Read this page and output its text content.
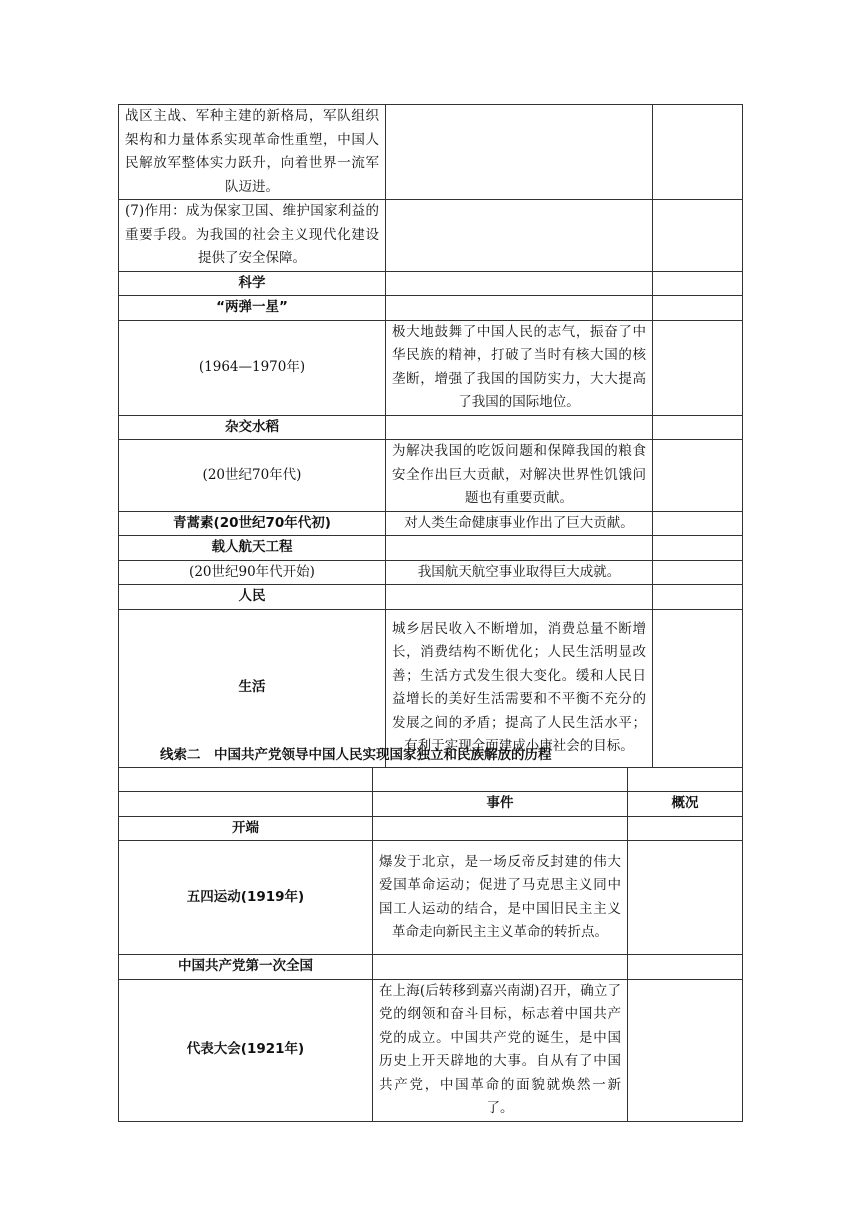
战区主战、军种主建的新格局，军队组织架构和力量体系实现革命性重塑，中国人民解放军整体实力跃升，向着世界一流军队迈进。		
(7)作用：成为保家卫国、维护国家利益的重要手段。为我国的社会主义现代化建设提供了安全保障。		
科学		
“两弹一星”		
(1964—1970年)	极大地鼓舞了中国人民的志气，振奋了中华民族的精神，打破了当时有核大国的核垄断，增强了我国的国防实力，大大提高了我国的国际地位。	
杂交水稻		
(20世纪70年代)	为解决我国的吃饭问题和保障我国的粮食安全作出巨大贡献，对解决世界性饥饿问题也有重要贡献。	
青蒿素(20世纪70年代初)	对人类生命健康事业作出了巨大贡献。	
载人航天工程		
(20世纪90年代开始)	我国航天航空事业取得巨大成就。	
人民		
生活	城乡居民收入不断增加，消费总量不断增长，消费结构不断优化；人民生活明显改善；生活方式发生很大变化。缓和人民日益增长的美好生活需要和不平衡不充分的发展之间的矛盾；提高了人民生活水平；有利于实现全面建成小康社会的目标。	
线索二　中国共产党领导中国人民实现国家独立和民族解放的历程

	事件	概况
开端		
五四运动(1919年)	爆发于北京，是一场反帝反封建的伟大爱国革命运动；促进了马克思主义同中国工人运动的结合，是中国旧民主主义革命走向新民主主义革命的转折点。	
中国共产党第一次全国		
代表大会(1921年)	在上海(后转移到嘉兴南湖)召开，确立了党的纲领和奋斗目标，标志着中国共产党的成立。中国共产党的诞生，是中国历史上开天辟地的大事。自从有了中国共产党，中国革命的面貌就焕然一新了。	
